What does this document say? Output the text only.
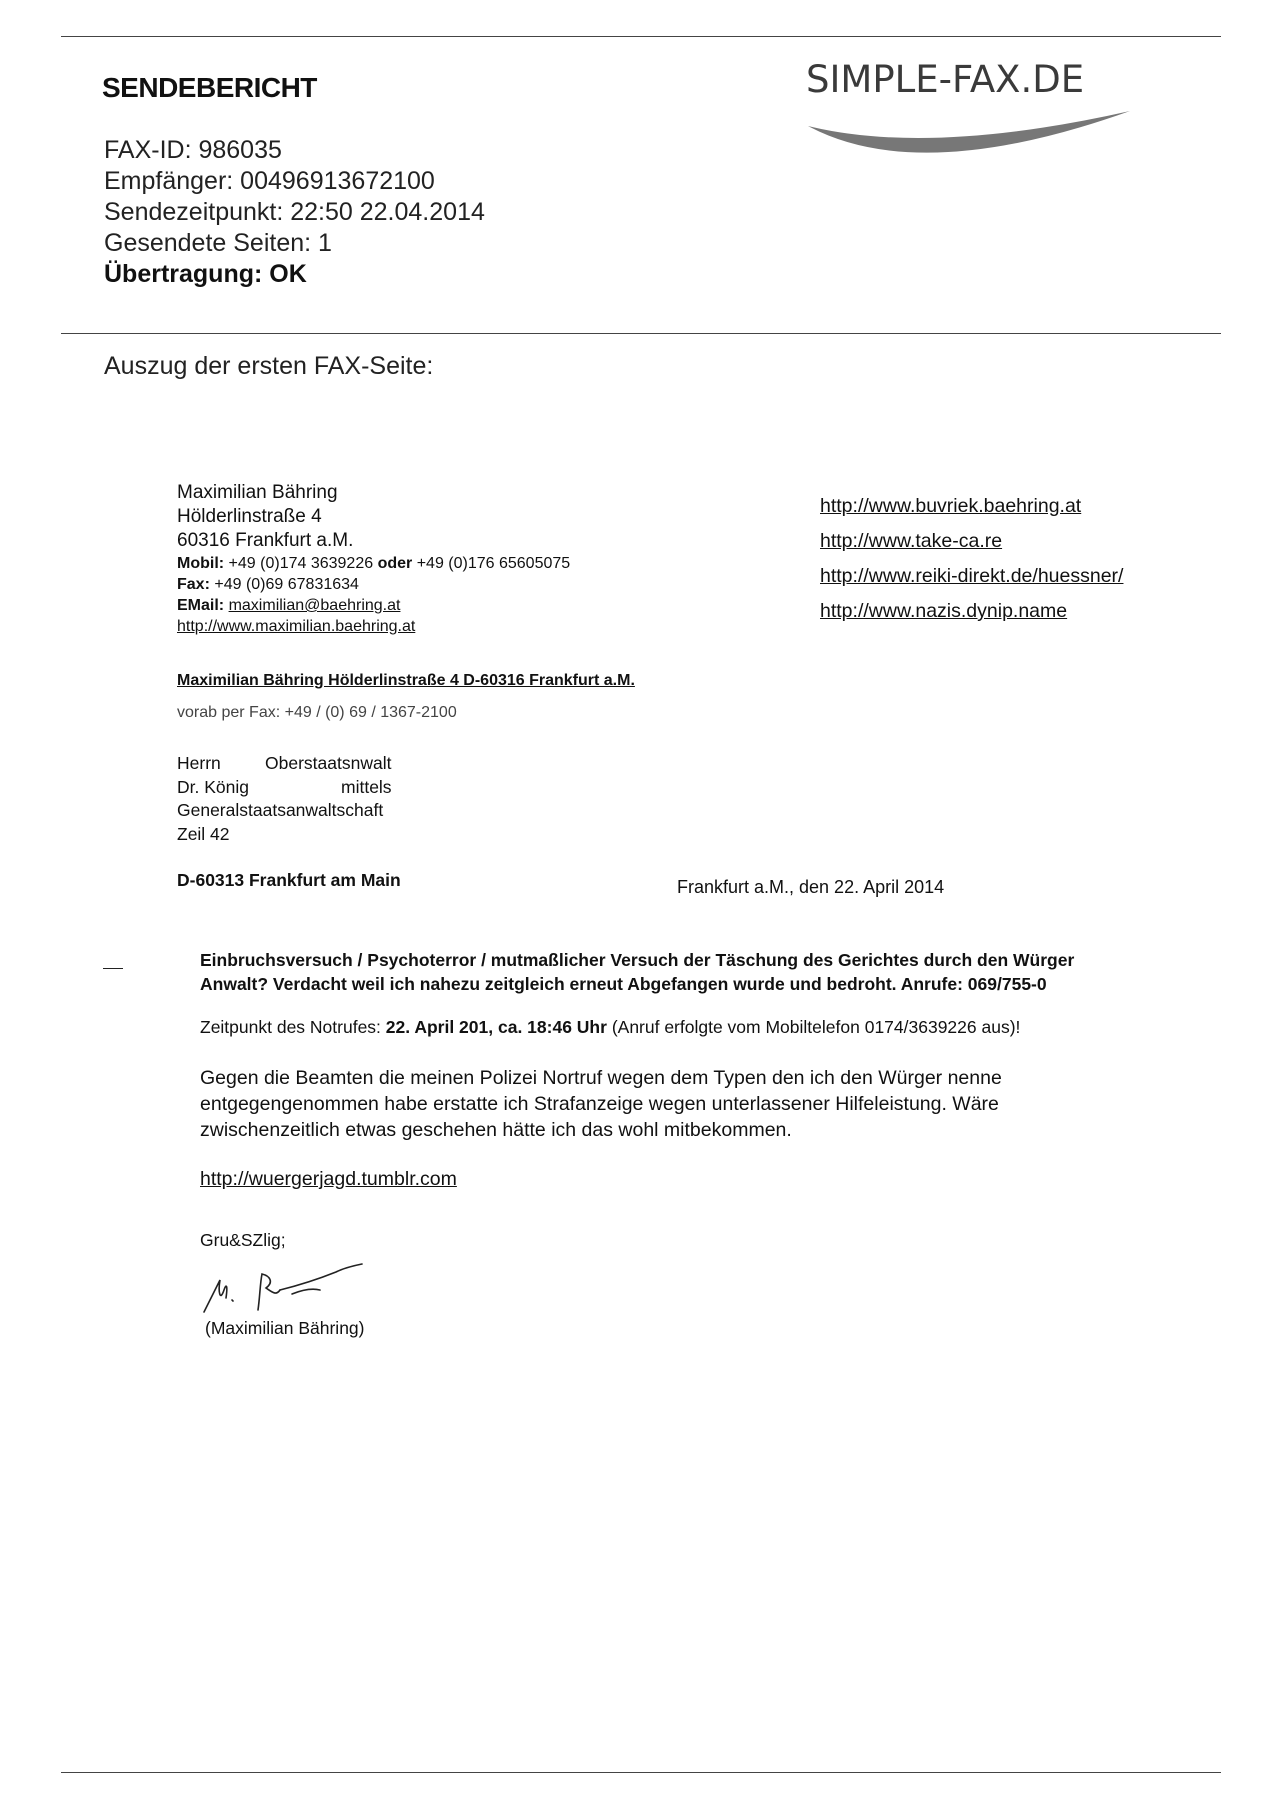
SENDEBERICHT	SIMPLE-FAX.DE
FAX-ID: 986035
Empfänger: 00496913672100
Sendezeitpunkt: 22:50 22.04.2014
Gesendete Seiten: 1
Übertragung: OK
Auszug der ersten FAX-Seite:
Maximilian Bähring
Hölderlinstraße 4
60316 Frankfurt a.M.
Mobil: +49 (0)174 3639226 oder +49 (0)176 65605075
Fax: +49 (0)69 67831634
EMail: maximilian@baehring.at
http://www.maximilian.baehring.at
http://www.buvriek.baehring.at
http://www.take-ca.re
http://www.reiki-direkt.de/huessner/
http://www.nazis.dynip.name
Maximilian Bähring Hölderlinstraße 4 D-60316 Frankfurt a.M.
vorab per Fax: +49 / (0) 69 / 1367-2100
Herrn	Oberstaatsnwalt
Dr. König	mittels
Generalstaatsanwaltschaft
Zeil 42
D-60313 Frankfurt am Main	Frankfurt a.M., den 22. April 2014
Einbruchsversuch / Psychoterror / mutmaßlicher Versuch der Täschung des Gerichtes durch den Würger
Anwalt? Verdacht weil ich nahezu zeitgleich erneut Abgefangen wurde und bedroht. Anrufe: 069/755-0
Zeitpunkt des Notrufes: 22. April 201, ca. 18:46 Uhr (Anruf erfolgte vom Mobiltelefon 0174/3639226 aus)!
Gegen die Beamten die meinen Polizei Nortruf wegen dem Typen den ich den Würger nenne
entgegengenommen habe erstatte ich Strafanzeige wegen unterlassener Hilfeleistung. Wäre
zwischenzeitlich etwas geschehen hätte ich das wohl mitbekommen.
http://wuergerjagd.tumblr.com
Gru&SZlig;
(Maximilian Bähring)
